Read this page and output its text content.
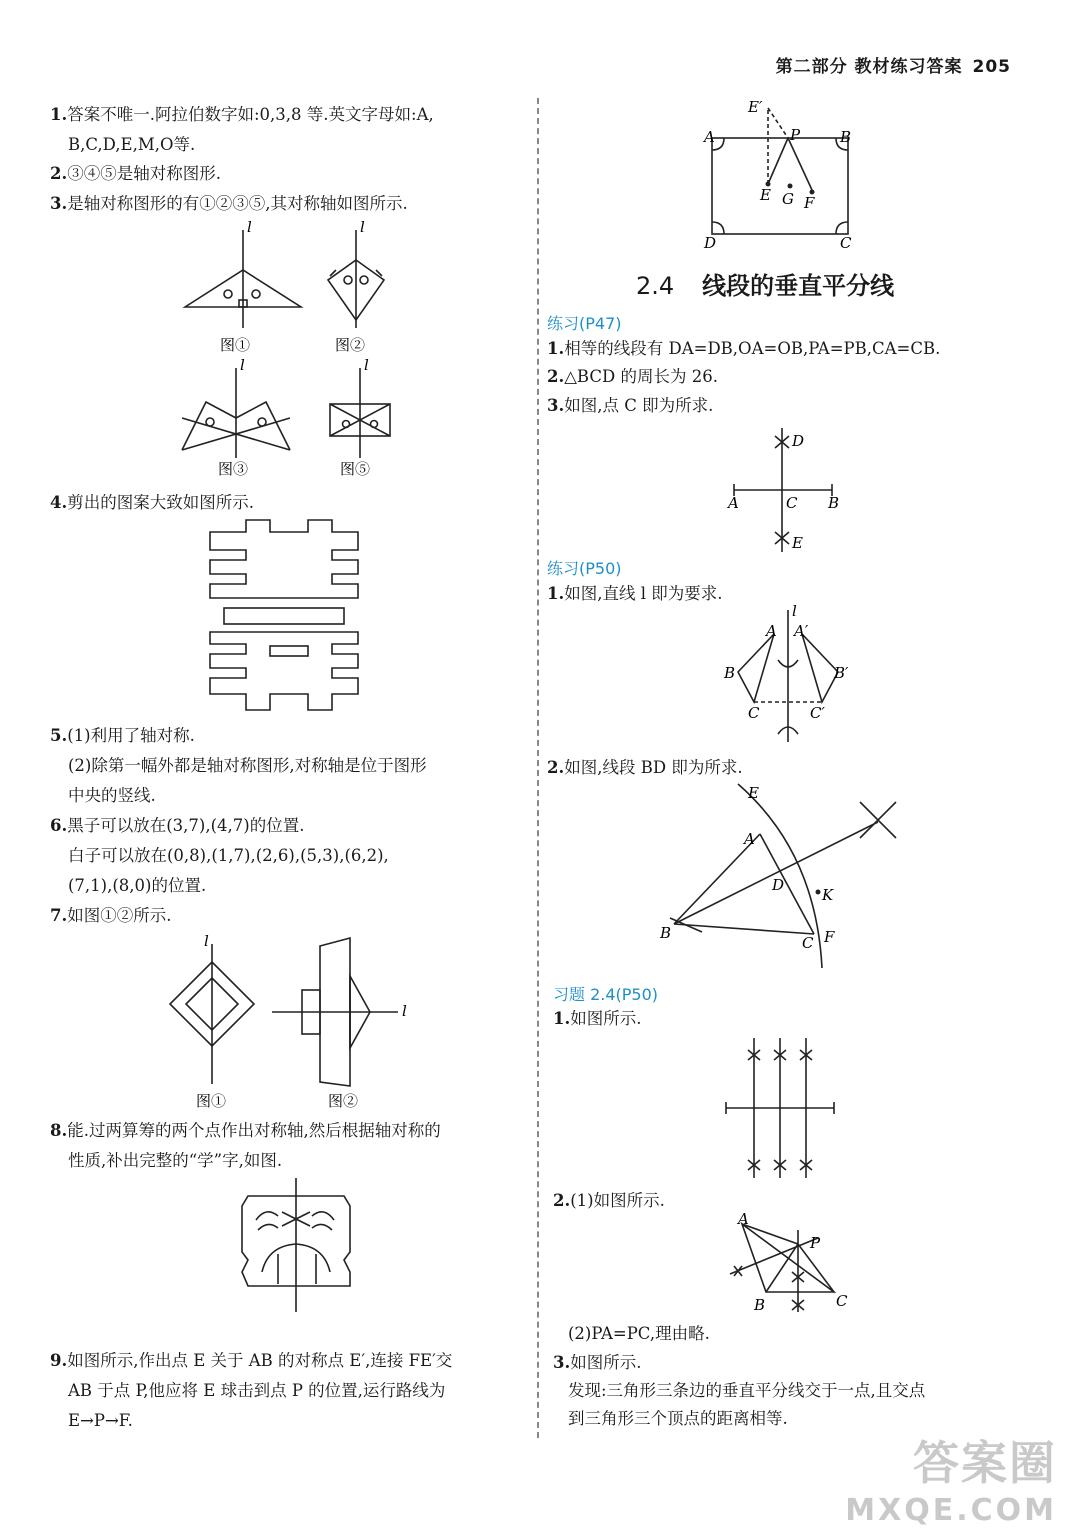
第二部分 教材练习答案 205
1.答案不唯一.阿拉伯数字如:0,3,8 等.英文字母如:A,
B,C,D,E,M,O等.
2.③④⑤是轴对称图形.
3.是轴对称图形的有①②③⑤,其对称轴如图所示.
l	l
图①	图②
l	l
图③	图⑤
4.剪出的图案大致如图所示.
5.(1)利用了轴对称.
(2)除第一幅外都是轴对称图形,对称轴是位于图形
中央的竖线.
6.黑子可以放在(3,7),(4,7)的位置.
白子可以放在(0,8),(1,7),(2,6),(5,3),(6,2),
(7,1),(8,0)的位置.
7.如图①②所示.
l
l
图①	图②
8.能.过两算筹的两个点作出对称轴,然后根据轴对称的
性质,补出完整的“学”字,如图.
9.如图所示,作出点 E 关于 AB 的对称点 E′,连接 FE′交
AB 于点 P,他应将 E 球击到点 P 的位置,运行路线为
E→P→F.
E′
A	P	B
E G F
D	C
2.4 线段的垂直平分线
练习(P47)
1.相等的线段有 DA=DB,OA=OB,PA=PB,CA=CB.
2.△BCD 的周长为 26.
3.如图,点 C 即为所求.
D
A	C B
E
练习(P50)
1.如图,直线 l 即为要求.
l
A A′
B	B′
C	C′
2.如图,线段 BD 即为所求.
E
A
D
K
B
C F
习题 2.4(P50)
1.如图所示.
2.(1)如图所示.
A
P
B	C
(2)PA=PC,理由略.
3.如图所示.
发现:三角形三条边的垂直平分线交于一点,且交点
到三角形三个顶点的距离相等.
答案圈
MXQE.COM
